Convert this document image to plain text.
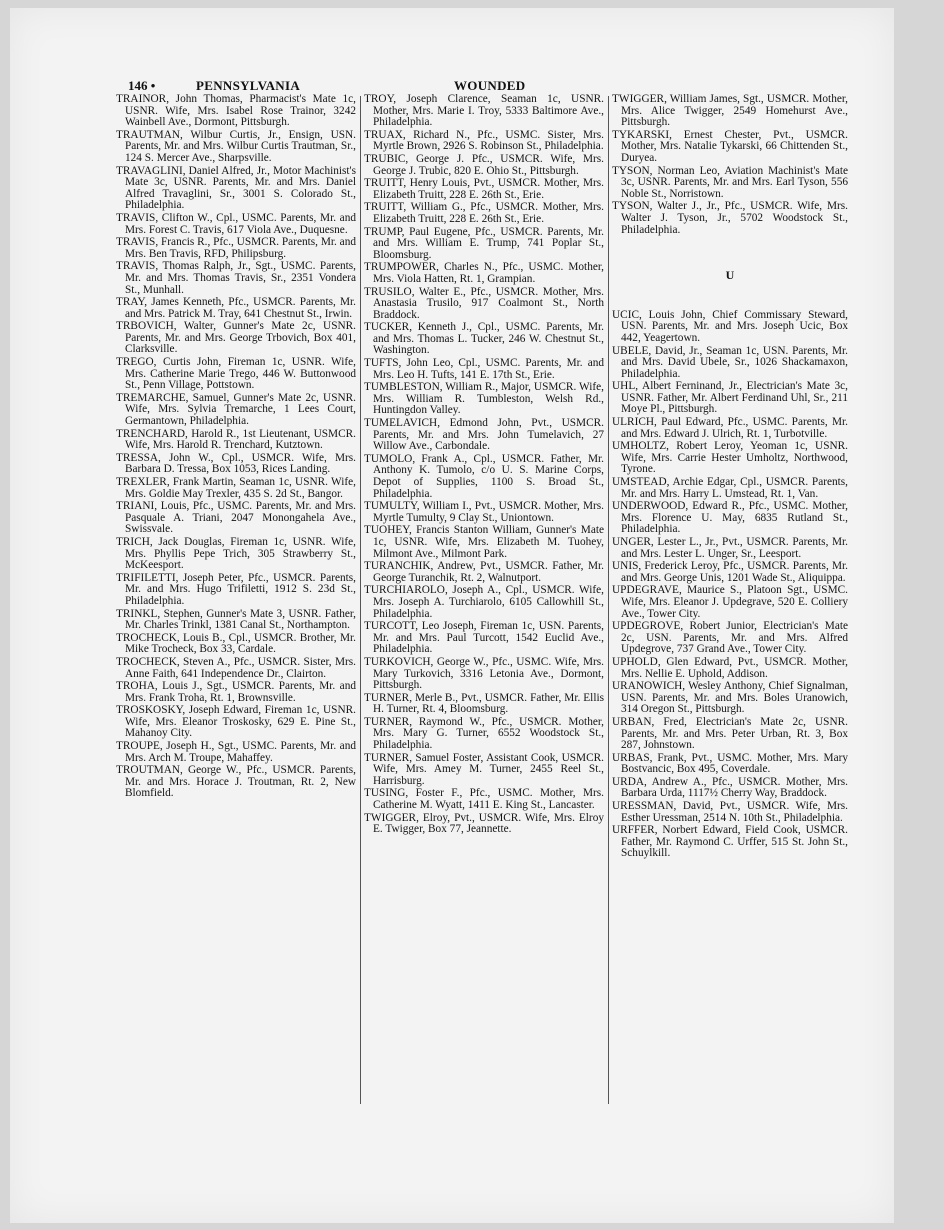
146 •	PENNSYLVANIA	WOUNDED
TRAINOR, John Thomas, Pharmacist's Mate 1c, USNR. Wife, Mrs. Isabel Rose Trainor, 3242 Wainbell Ave., Dormont, Pittsburgh.
TRAUTMAN, Wilbur Curtis, Jr., Ensign, USN. Parents, Mr. and Mrs. Wilbur Curtis Trautman, Sr., 124 S. Mercer Ave., Sharpsville.
TRAVAGLINI, Daniel Alfred, Jr., Motor Machinist's Mate 3c, USNR. Parents, Mr. and Mrs. Daniel Alfred Travaglini, Sr., 3001 S. Colorado St., Philadelphia.
TRAVIS, Clifton W., Cpl., USMC. Parents, Mr. and Mrs. Forest C. Travis, 617 Viola Ave., Duquesne.
TRAVIS, Francis R., Pfc., USMCR. Parents, Mr. and Mrs. Ben Travis, RFD, Philipsburg.
TRAVIS, Thomas Ralph, Jr., Sgt., USMC. Parents, Mr. and Mrs. Thomas Travis, Sr., 2351 Vondera St., Munhall.
TRAY, James Kenneth, Pfc., USMCR. Parents, Mr. and Mrs. Patrick M. Tray, 641 Chestnut St., Irwin.
TRBOVICH, Walter, Gunner's Mate 2c, USNR. Parents, Mr. and Mrs. George Trbovich, Box 401, Clarksville.
TREGO, Curtis John, Fireman 1c, USNR. Wife, Mrs. Catherine Marie Trego, 446 W. Buttonwood St., Penn Village, Pottstown.
TREMARCHE, Samuel, Gunner's Mate 2c, USNR. Wife, Mrs. Sylvia Tremarche, 1 Lees Court, Germantown, Philadelphia.
TRENCHARD, Harold R., 1st Lieutenant, USMCR. Wife, Mrs. Harold R. Trenchard, Kutztown.
TRESSA, John W., Cpl., USMCR. Wife, Mrs. Barbara D. Tressa, Box 1053, Rices Landing.
TREXLER, Frank Martin, Seaman 1c, USNR. Wife, Mrs. Goldie May Trexler, 435 S. 2d St., Bangor.
TRIANI, Louis, Pfc., USMC. Parents, Mr. and Mrs. Pasquale A. Triani, 2047 Monongahela Ave., Swissvale.
TRICH, Jack Douglas, Fireman 1c, USNR. Wife, Mrs. Phyllis Pepe Trich, 305 Strawberry St., McKeesport.
TRIFILETTI, Joseph Peter, Pfc., USMCR. Parents, Mr. and Mrs. Hugo Trifiletti, 1912 S. 23d St., Philadelphia.
TRINKL, Stephen, Gunner's Mate 3, USNR. Father, Mr. Charles Trinkl, 1381 Canal St., Northampton.
TROCHECK, Louis B., Cpl., USMCR. Brother, Mr. Mike Trocheck, Box 33, Cardale.
TROCHECK, Steven A., Pfc., USMCR. Sister, Mrs. Anne Faith, 641 Independence Dr., Clairton.
TROHA, Louis J., Sgt., USMCR. Parents, Mr. and Mrs. Frank Troha, Rt. 1, Brownsville.
TROSKOSKY, Joseph Edward, Fireman 1c, USNR. Wife, Mrs. Eleanor Troskosky, 629 E. Pine St., Mahanoy City.
TROUPE, Joseph H., Sgt., USMC. Parents, Mr. and Mrs. Arch M. Troupe, Mahaffey.
TROUTMAN, George W., Pfc., USMCR. Parents, Mr. and Mrs. Horace J. Troutman, Rt. 2, New Blomfield.
TROY, Joseph Clarence, Seaman 1c, USNR. Mother, Mrs. Marie I. Troy, 5333 Baltimore Ave., Philadelphia.
TRUAX, Richard N., Pfc., USMC. Sister, Mrs. Myrtle Brown, 2926 S. Robinson St., Philadelphia.
TRUBIC, George J. Pfc., USMCR. Wife, Mrs. George J. Trubic, 820 E. Ohio St., Pittsburgh.
TRUITT, Henry Louis, Pvt., USMCR. Mother, Mrs. Elizabeth Truitt, 228 E. 26th St., Erie.
TRUITT, William G., Pfc., USMCR. Mother, Mrs. Elizabeth Truitt, 228 E. 26th St., Erie.
TRUMP, Paul Eugene, Pfc., USMCR. Parents, Mr. and Mrs. William E. Trump, 741 Poplar St., Bloomsburg.
TRUMPOWER, Charles N., Pfc., USMC. Mother, Mrs. Viola Hatten, Rt. 1, Grampian.
TRUSILO, Walter E., Pfc., USMCR. Mother, Mrs. Anastasia Trusilo, 917 Coalmont St., North Braddock.
TUCKER, Kenneth J., Cpl., USMC. Parents, Mr. and Mrs. Thomas L. Tucker, 246 W. Chestnut St., Washington.
TUFTS, John Leo, Cpl., USMC. Parents, Mr. and Mrs. Leo H. Tufts, 141 E. 17th St., Erie.
TUMBLESTON, William R., Major, USMCR. Wife, Mrs. William R. Tumbleston, Welsh Rd., Huntingdon Valley.
TUMELAVICH, Edmond John, Pvt., USMCR. Parents, Mr. and Mrs. John Tumelavich, 27 Willow Ave., Carbondale.
TUMOLO, Frank A., Cpl., USMCR. Father, Mr. Anthony K. Tumolo, c/o U. S. Marine Corps, Depot of Supplies, 1100 S. Broad St., Philadelphia.
TUMULTY, William I., Pvt., USMCR. Mother, Mrs. Myrtle Tumulty, 9 Clay St., Uniontown.
TUOHEY, Francis Stanton William, Gunner's Mate 1c, USNR. Wife, Mrs. Elizabeth M. Tuohey, Milmont Ave., Milmont Park.
TURANCHIK, Andrew, Pvt., USMCR. Father, Mr. George Turanchik, Rt. 2, Walnutport.
TURCHIAROLO, Joseph A., Cpl., USMCR. Wife, Mrs. Joseph A. Turchiarolo, 6105 Callowhill St., Philadelphia.
TURCOTT, Leo Joseph, Fireman 1c, USN. Parents, Mr. and Mrs. Paul Turcott, 1542 Euclid Ave., Philadelphia.
TURKOVICH, George W., Pfc., USMC. Wife, Mrs. Mary Turkovich, 3316 Letonia Ave., Dormont, Pittsburgh.
TURNER, Merle B., Pvt., USMCR. Father, Mr. Ellis H. Turner, Rt. 4, Bloomsburg.
TURNER, Raymond W., Pfc., USMCR. Mother, Mrs. Mary G. Turner, 6552 Woodstock St., Philadelphia.
TURNER, Samuel Foster, Assistant Cook, USMCR. Wife, Mrs. Amey M. Turner, 2455 Reel St., Harrisburg.
TUSING, Foster F., Pfc., USMC. Mother, Mrs. Catherine M. Wyatt, 1411 E. King St., Lancaster.
TWIGGER, Elroy, Pvt., USMCR. Wife, Mrs. Elroy E. Twigger, Box 77, Jeannette.
TWIGGER, William James, Sgt., USMCR. Mother, Mrs. Alice Twigger, 2549 Homehurst Ave., Pittsburgh.
TYKARSKI, Ernest Chester, Pvt., USMCR. Mother, Mrs. Natalie Tykarski, 66 Chittenden St., Duryea.
TYSON, Norman Leo, Aviation Machinist's Mate 3c, USNR. Parents, Mr. and Mrs. Earl Tyson, 556 Noble St., Norristown.
TYSON, Walter J., Jr., Pfc., USMCR. Wife, Mrs. Walter J. Tyson, Jr., 5702 Woodstock St., Philadelphia.
U
UCIC, Louis John, Chief Commissary Steward, USN. Parents, Mr. and Mrs. Joseph Ucic, Box 442, Yeagertown.
UBELE, David, Jr., Seaman 1c, USN. Parents, Mr. and Mrs. David Ubele, Sr., 1026 Shackamaxon, Philadelphia.
UHL, Albert Ferninand, Jr., Electrician's Mate 3c, USNR. Father, Mr. Albert Ferdinand Uhl, Sr., 211 Moye Pl., Pittsburgh.
ULRICH, Paul Edward, Pfc., USMC. Parents, Mr. and Mrs. Edward J. Ulrich, Rt. 1, Turbotville.
UMHOLTZ, Robert Leroy, Yeoman 1c, USNR. Wife, Mrs. Carrie Hester Umholtz, Northwood, Tyrone.
UMSTEAD, Archie Edgar, Cpl., USMCR. Parents, Mr. and Mrs. Harry L. Umstead, Rt. 1, Van.
UNDERWOOD, Edward R., Pfc., USMC. Mother, Mrs. Florence U. May, 6835 Rutland St., Philadelphia.
UNGER, Lester L., Jr., Pvt., USMCR. Parents, Mr. and Mrs. Lester L. Unger, Sr., Leesport.
UNIS, Frederick Leroy, Pfc., USMCR. Parents, Mr. and Mrs. George Unis, 1201 Wade St., Aliquippa.
UPDEGRAVE, Maurice S., Platoon Sgt., USMC. Wife, Mrs. Eleanor J. Updegrave, 520 E. Colliery Ave., Tower City.
UPDEGROVE, Robert Junior, Electrician's Mate 2c, USN. Parents, Mr. and Mrs. Alfred Updegrove, 737 Grand Ave., Tower City.
UPHOLD, Glen Edward, Pvt., USMCR. Mother, Mrs. Nellie E. Uphold, Addison.
URANOWICH, Wesley Anthony, Chief Signalman, USN. Parents, Mr. and Mrs. Boles Uranowich, 314 Oregon St., Pittsburgh.
URBAN, Fred, Electrician's Mate 2c, USNR. Parents, Mr. and Mrs. Peter Urban, Rt. 3, Box 287, Johnstown.
URBAS, Frank, Pvt., USMC. Mother, Mrs. Mary Bostvancic, Box 495, Coverdale.
URDA, Andrew A., Pfc., USMCR. Mother, Mrs. Barbara Urda, 1117½ Cherry Way, Braddock.
URESSMAN, David, Pvt., USMCR. Wife, Mrs. Esther Uressman, 2514 N. 10th St., Philadelphia.
URFFER, Norbert Edward, Field Cook, USMCR. Father, Mr. Raymond C. Urffer, 515 St. John St., Schuylkill.
